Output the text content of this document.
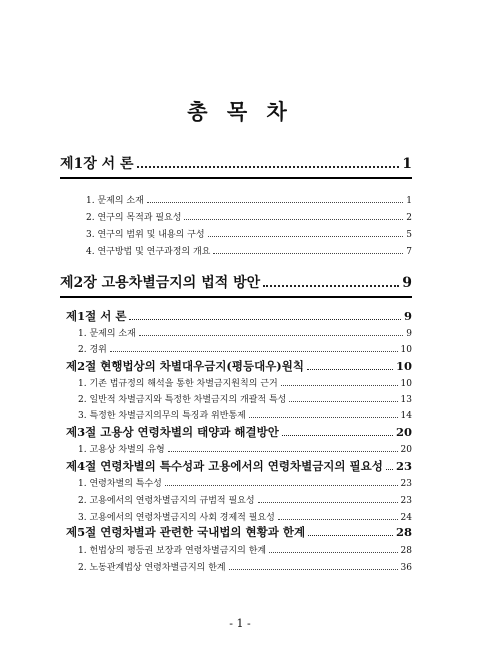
총 목 차
제1장 서 론	1
1. 문제의 소재	1
2. 연구의 목적과 필요성	2
3. 연구의 범위 및 내용의 구성	5
4. 연구방법 및 연구과정의 개요	7
제2장 고용차별금지의 법적 방안	9
제1절 서 론	9
1. 문제의 소재	9
2. 경위	10
제2절 현행법상의 차별대우금지(평등대우)원칙	10
1. 기존 법규정의 해석을 통한 차별금지원칙의 근거	10
2. 일반적 차별금지와 특정한 차별금지의 개괄적 특성	13
3. 특정한 차별금지의무의 특징과 위반통제	14
제3절 고용상 연령차별의 태양과 해결방안	20
1. 고용상 차별의 유형	20
제4절 연령차별의 특수성과 고용에서의 연령차별금지의 필요성 23
1. 연령차별의 특수성	23
2. 고용에서의 연령차별금지의 규범적 필요성	23
3. 고용에서의 연령차별금지의 사회 경제적 필요성	24
제5절 연령차별과 관련한 국내법의 현황과 한계	28
1. 헌법상의 평등권 보장과 연령차별금지의 한계	28
2. 노동관계법상 연령차별금지의 한계	36
- 1 -
